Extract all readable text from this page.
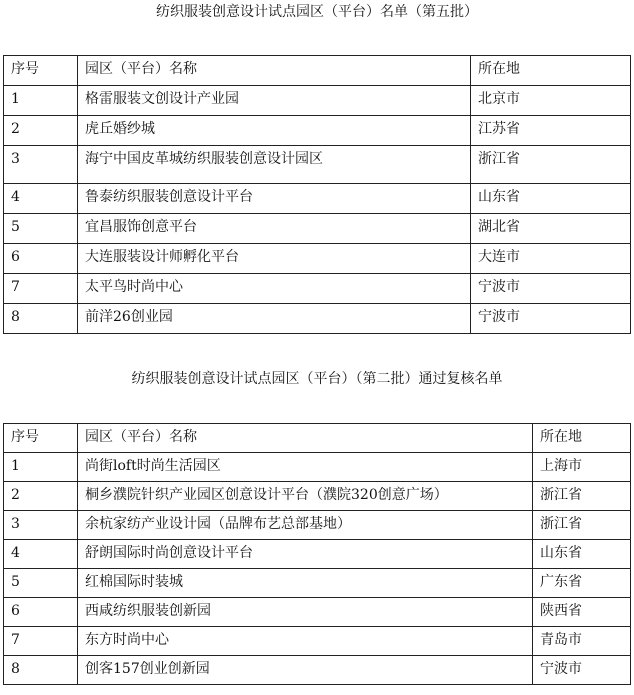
纺织服装创意设计试点园区（平台）名单（第五批）
序号	园区（平台）名称	所在地
1	格雷服装文创设计产业园	北京市
2	虎丘婚纱城	江苏省
3	海宁中国皮革城纺织服装创意设计园区	浙江省
4	鲁泰纺织服装创意设计平台	山东省
5	宜昌服饰创意平台	湖北省
6	大连服装设计师孵化平台	大连市
7	太平鸟时尚中心	宁波市
8	前洋26创业园	宁波市
纺织服装创意设计试点园区（平台）（第二批）通过复核名单
序号	园区（平台）名称	所在地
1	尚街loft时尚生活园区	上海市
2	桐乡濮院针织产业园区创意设计平台（濮院320创意广场）	浙江省
3	余杭家纺产业设计园（品牌布艺总部基地）	浙江省
4	舒朗国际时尚创意设计平台	山东省
5	红棉国际时装城	广东省
6	西咸纺织服装创新园	陕西省
7	东方时尚中心	青岛市
8	创客157创业创新园	宁波市
